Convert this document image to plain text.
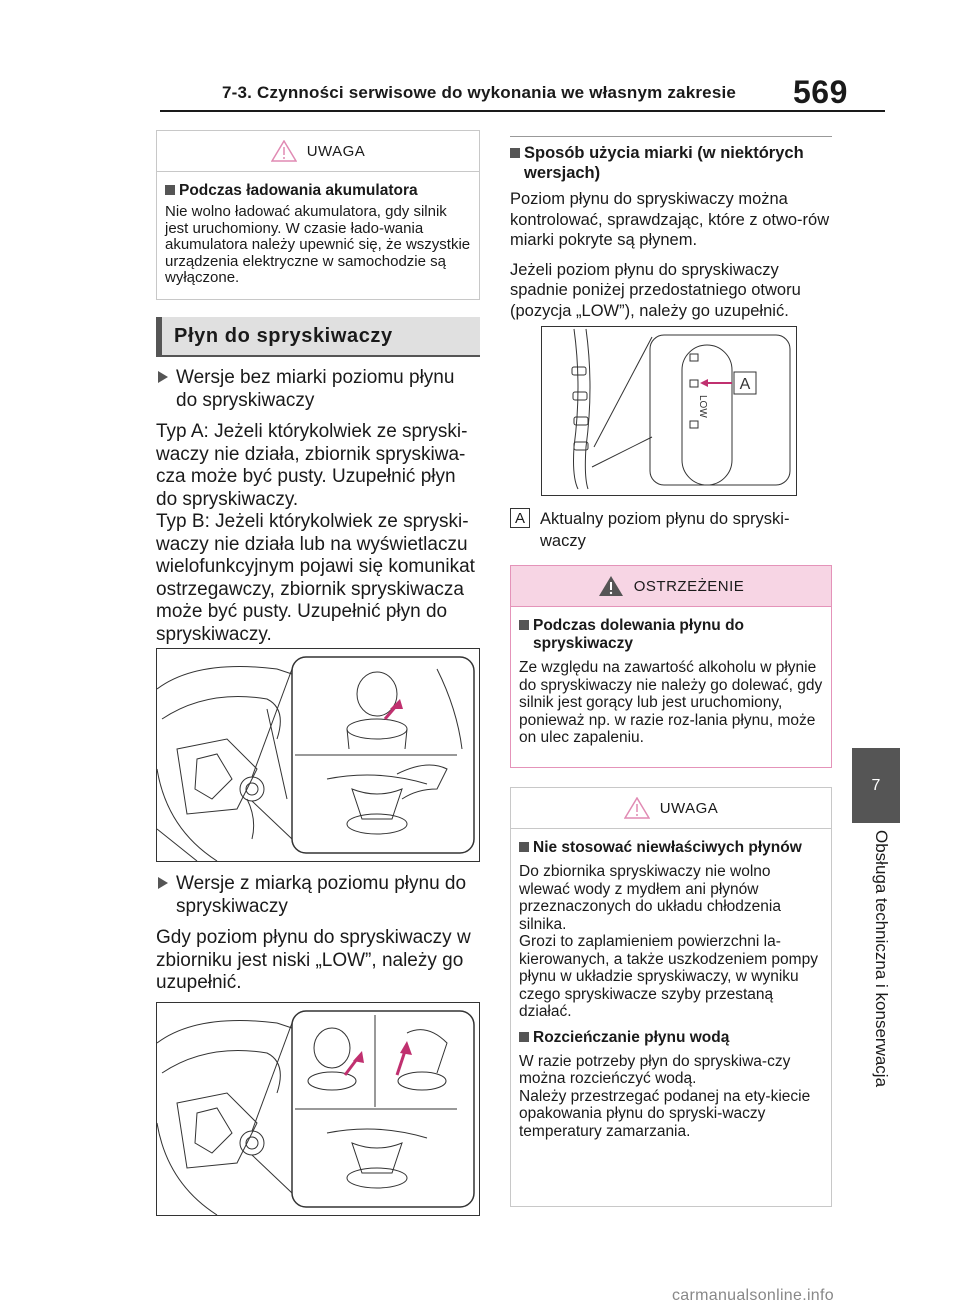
7-3. Czynności serwisowe do wykonania we własnym zakresie 569
7
Obsługa techniczna i konserwacja
UWAGA
Podczas ładowania akumulatora
Nie wolno ładować akumulatora, gdy silnik jest uruchomiony. W czasie łado-wania akumulatora należy upewnić się, że wszystkie urządzenia elektryczne w samochodzie są wyłączone.
Płyn do spryskiwaczy
Wersje bez miarki poziomu płynu do spryskiwaczy
Typ A: Jeżeli którykolwiek ze spryski-waczy nie działa, zbiornik spryskiwa-cza może być pusty. Uzupełnić płyn do spryskiwaczy.
Typ B: Jeżeli którykolwiek ze spryski-waczy nie działa lub na wyświetlaczu wielofunkcyjnym pojawi się komunikat ostrzegawczy, zbiornik spryskiwacza może być pusty. Uzupełnić płyn do spryskiwaczy.
Wersje z miarką poziomu płynu do spryskiwaczy
Gdy poziom płynu do spryskiwaczy w zbiorniku jest niski „LOW”, należy go uzupełnić.
Sposób użycia miarki (w niektórych wersjach)
Poziom płynu do spryskiwaczy można kontrolować, sprawdzając, które z otwo-rów miarki pokryte są płynem.
Jeżeli poziom płynu do spryskiwaczy spadnie poniżej przedostatniego otworu (pozycja „LOW”), należy go uzupełnić.
LOW
A
A Aktualny poziom płynu do spryski-waczy
OSTRZEŻENIE
Podczas dolewania płynu do spryskiwaczy
Ze względu na zawartość alkoholu w płynie do spryskiwaczy nie należy go dolewać, gdy silnik jest gorący lub jest uruchomiony, ponieważ np. w razie roz-lania płynu, może on ulec zapaleniu.
UWAGA
Nie stosować niewłaściwych płynów
Do zbiornika spryskiwaczy nie wolno wlewać wody z mydłem ani płynów przeznaczonych do układu chłodzenia silnika.
Grozi to zaplamieniem powierzchni la-kierowanych, a także uszkodzeniem pompy płynu w układzie spryskiwaczy, w wyniku czego spryskiwacze szyby przestaną działać.
Rozcieńczanie płynu wodą
W razie potrzeby płyn do spryskiwa-czy można rozcieńczyć wodą.
Należy przestrzegać podanej na ety-kiecie opakowania płynu do spryski-waczy temperatury zamarzania.
carmanualsonline.info
